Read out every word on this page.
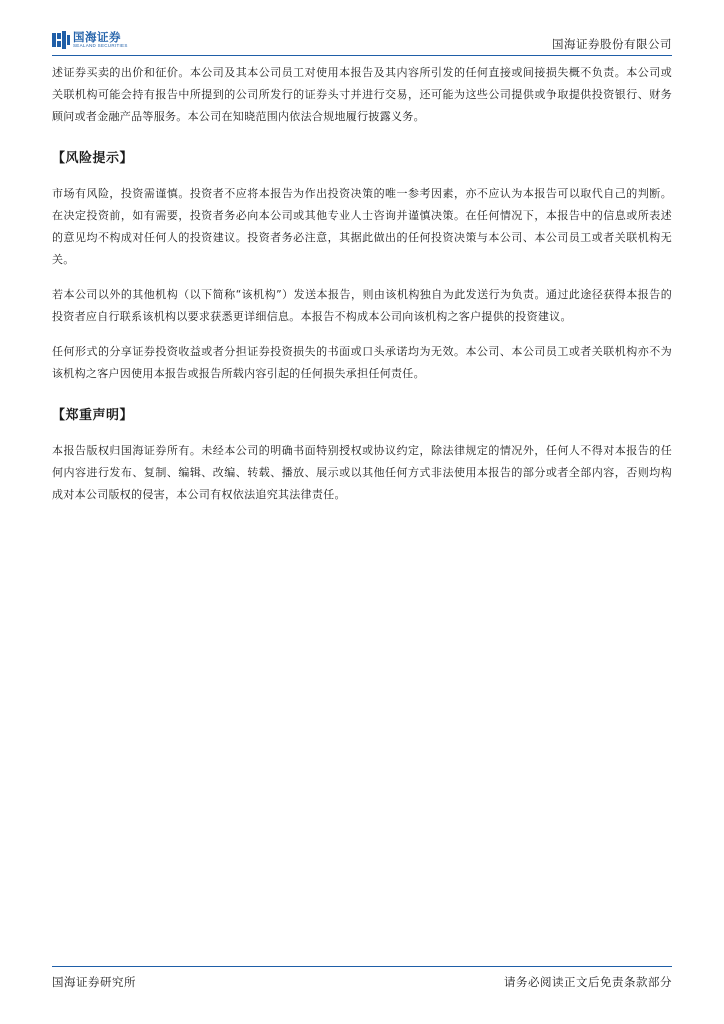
国海证券
SEALAND SECURITIES	国海证券股份有限公司

述证券买卖的出价和征价。本公司及其本公司员工对使用本报告及其内容所引发的任何直接或间接损失概不负责。本公司或关联机构可能会持有报告中所提到的公司所发行的证券头寸并进行交易，还可能为这些公司提供或争取提供投资银行、财务顾问或者金融产品等服务。本公司在知晓范围内依法合规地履行披露义务。

【风险提示】

市场有风险，投资需谨慎。投资者不应将本报告为作出投资决策的唯一参考因素，亦不应认为本报告可以取代自己的判断。在决定投资前，如有需要，投资者务必向本公司或其他专业人士咨询并谨慎决策。在任何情况下，本报告中的信息或所表述的意见均不构成对任何人的投资建议。投资者务必注意，其据此做出的任何投资决策与本公司、本公司员工或者关联机构无关。

若本公司以外的其他机构（以下简称“该机构”）发送本报告，则由该机构独自为此发送行为负责。通过此途径获得本报告的投资者应自行联系该机构以要求获悉更详细信息。本报告不构成本公司向该机构之客户提供的投资建议。

任何形式的分享证券投资收益或者分担证券投资损失的书面或口头承诺均为无效。本公司、本公司员工或者关联机构亦不为该机构之客户因使用本报告或报告所载内容引起的任何损失承担任何责任。

【郑重声明】

本报告版权归国海证券所有。未经本公司的明确书面特别授权或协议约定，除法律规定的情况外，任何人不得对本报告的任何内容进行发布、复制、编辑、改编、转载、播放、展示或以其他任何方式非法使用本报告的部分或者全部内容，否则均构成对本公司版权的侵害，本公司有权依法追究其法律责任。

国海证券研究所	请务必阅读正文后免责条款部分
